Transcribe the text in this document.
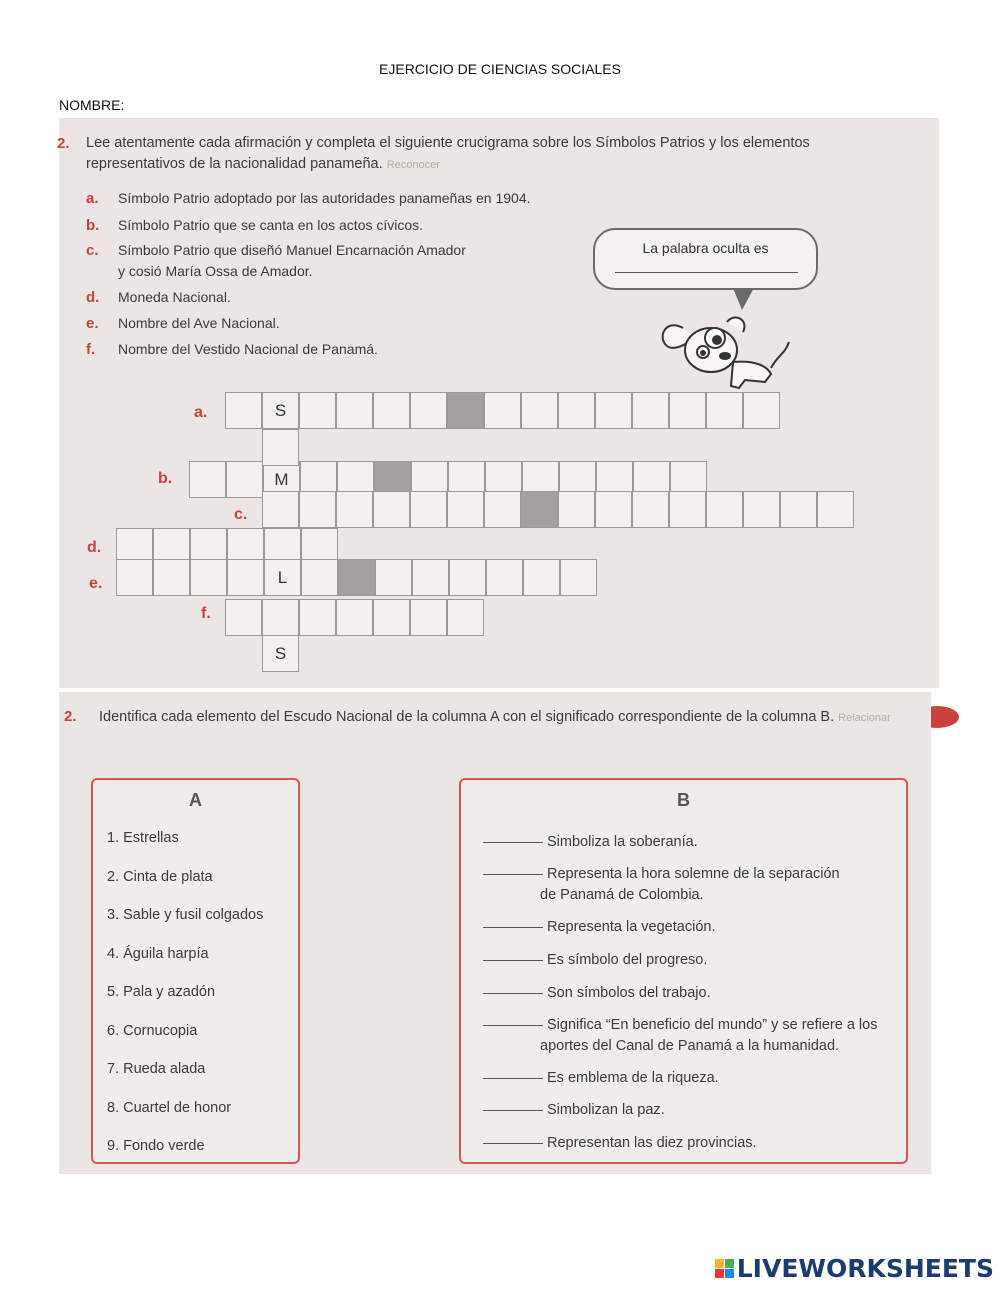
EJERCICIO DE CIENCIAS SOCIALES
NOMBRE:
2. Lee atentamente cada afirmación y completa el siguiente crucigrama sobre los Símbolos Patrios y los elementos representativos de la nacionalidad panameña. Reconocer
a. Símbolo Patrio adoptado por las autoridades panameñas en 1904.
b. Símbolo Patrio que se canta en los actos cívicos.
c. Símbolo Patrio que diseñó Manuel Encarnación Amador
y cosió María Ossa de Amador.
d. Moneda Nacional.
e. Nombre del Ave Nacional.
f. Nombre del Vestido Nacional de Panamá.
La palabra oculta es
S
M
L
S
a.
b.
c.
d.
e.
f.
2. Identifica cada elemento del Escudo Nacional de la columna A con el significado correspondiente de la columna B. Relacionar
A
1. Estrellas
2. Cinta de plata
3. Sable y fusil colgados
4. Águila harpía
5. Pala y azadón
6. Cornucopia
7. Rueda alada
8. Cuartel de honor
9. Fondo verde
B
Simboliza la soberanía.
Representa la hora solemne de la separación
de Panamá de Colombia.
Representa la vegetación.
Es símbolo del progreso.
Son símbolos del trabajo.
Significa “En beneficio del mundo” y se refiere a los
aportes del Canal de Panamá a la humanidad.
Es emblema de la riqueza.
Simbolizan la paz.
Representan las diez provincias.
LIVEWORKSHEETS
